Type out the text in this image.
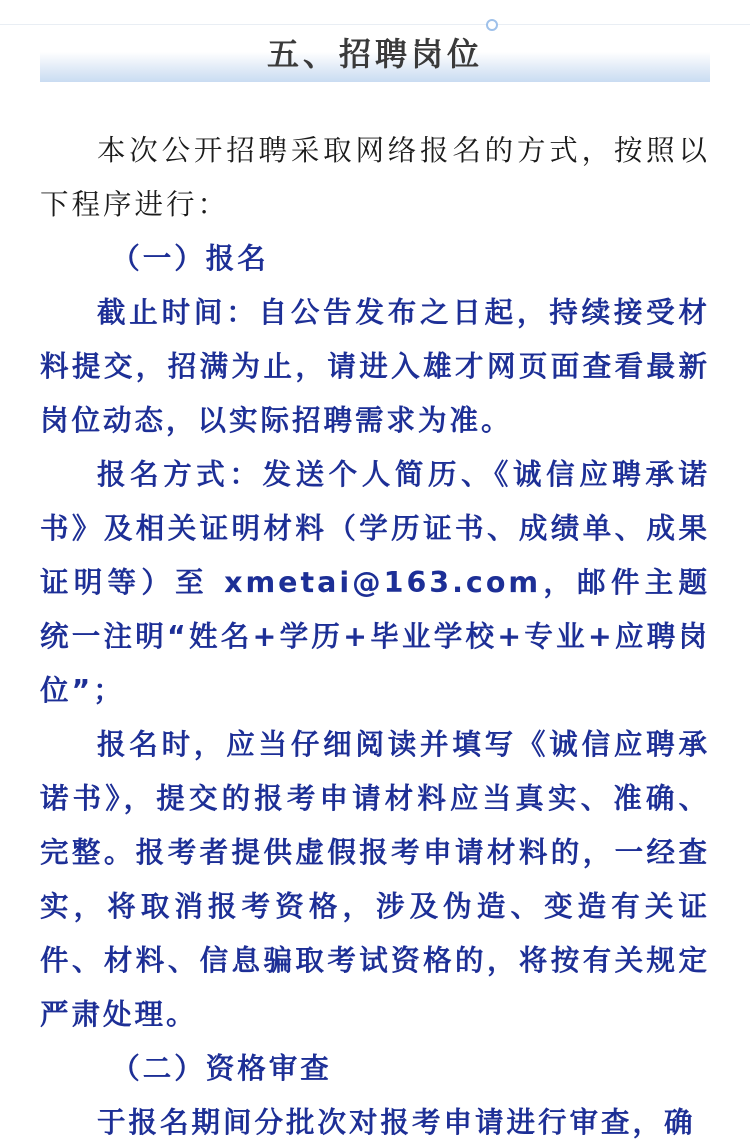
五、招聘岗位

本次公开招聘采取网络报名的方式，按照以下程序进行：

（一）报名

截止时间：自公告发布之日起，持续接受材料提交，招满为止，请进入雄才网页面查看最新岗位动态，以实际招聘需求为准。

报名方式：发送个人简历、《诚信应聘承诺书》及相关证明材料（学历证书、成绩单、成果证明等）至 xmetai@163.com，邮件主题统一注明“姓名+学历+毕业学校+专业+应聘岗位”；

报名时，应当仔细阅读并填写《诚信应聘承诺书》，提交的报考申请材料应当真实、准确、完整。报考者提供虚假报考申请材料的，一经查实，将取消报考资格，涉及伪造、变造有关证件、材料、信息骗取考试资格的，将按有关规定严肃处理。

（二）资格审查

于报名期间分批次对报考申请进行审查，确
